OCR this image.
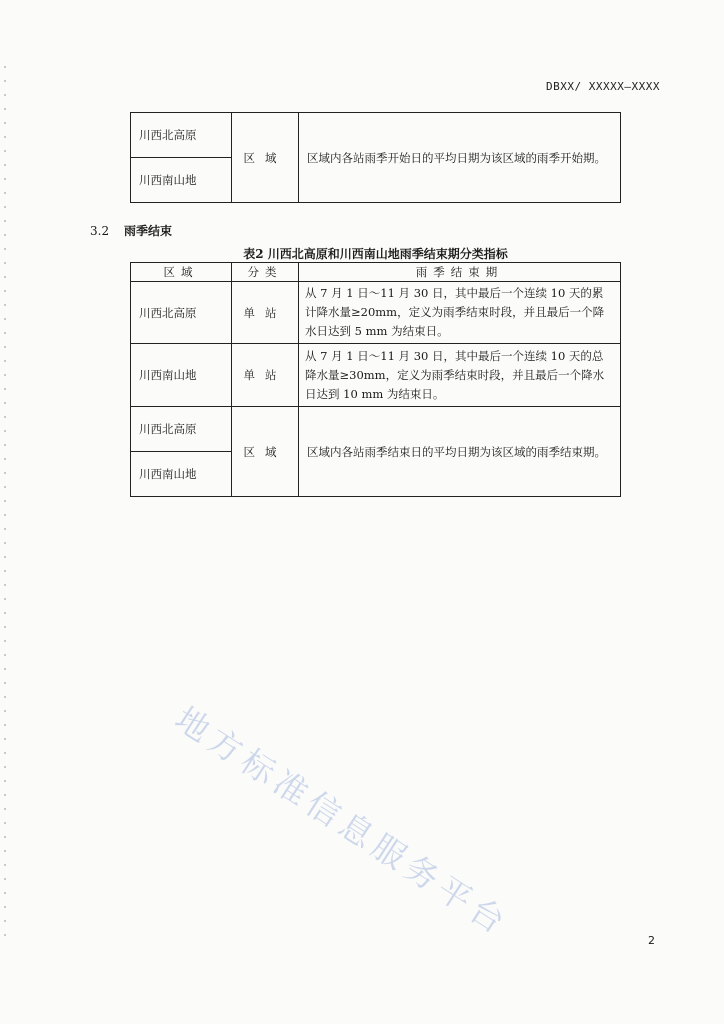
DBXX/ XXXXX—XXXX
川西北高原	区域	区域内各站雨季开始日的平均日期为该区域的雨季开始期。
川西南山地
3.2 雨季结束
表2 川西北高原和川西南山地雨季结束期分类指标
区域	分类	雨季结束期
川西北高原	单站	从 7 月 1 日～11 月 30 日，其中最后一个连续 10 天的累计降水量≥20mm，定义为雨季结束时段，并且最后一个降水日达到 5 mm 为结束日。
川西南山地	单站	从 7 月 1 日～11 月 30 日，其中最后一个连续 10 天的总降水量≥30mm，定义为雨季结束时段，并且最后一个降水日达到 10 mm 为结束日。
川西北高原	区域	区域内各站雨季结束日的平均日期为该区域的雨季结束期。
川西南山地		
地方标准信息服务平台	2
